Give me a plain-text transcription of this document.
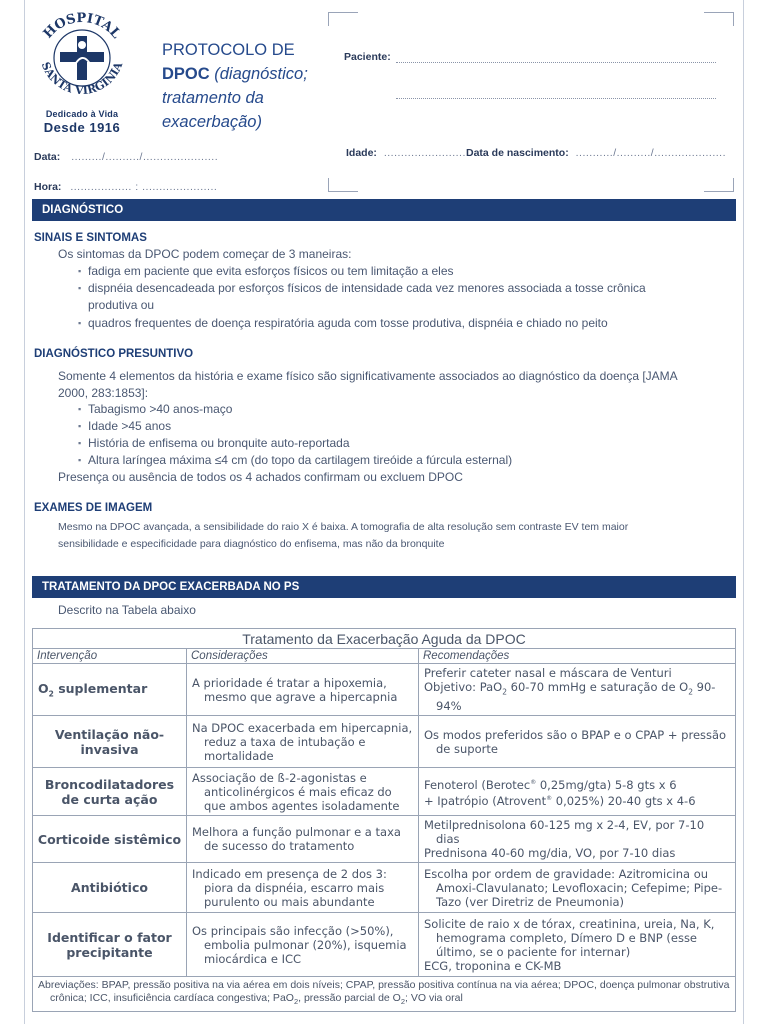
HOSPITAL
SANTA VIRGÍNIA
Dedicado à Vida
Desde 1916
PROTOCOLO DE
DPOC (diagnóstico;
tratamento da
exacerbação)
Data: ........./........../......................
Hora: .................. : ......................
Paciente:
Idade: ........................ Data de nascimento: .........../........../.....................
DIAGNÓSTICO
SINAIS E SINTOMAS
Os sintomas da DPOC podem começar de 3 maneiras:
▪ fadiga em paciente que evita esforços físicos ou tem limitação a eles
▪ dispnéia desencadeada por esforços físicos de intensidade cada vez menores associada a tosse crônica
produtiva ou
▪ quadros frequentes de doença respiratória aguda com tosse produtiva, dispnéia e chiado no peito
DIAGNÓSTICO PRESUNTIVO
Somente 4 elementos da história e exame físico são significativamente associados ao diagnóstico da doença [JAMA
2000, 283:1853]:
▪ Tabagismo >40 anos-maço
▪ Idade >45 anos
▪ História de enfisema ou bronquite auto-reportada
▪ Altura laríngea máxima ≤4 cm (do topo da cartilagem tireóide a fúrcula esternal)
Presença ou ausência de todos os 4 achados confirmam ou excluem DPOC
EXAMES DE IMAGEM
Mesmo na DPOC avançada, a sensibilidade do raio X é baixa. A tomografia de alta resolução sem contraste EV tem maior
sensibilidade e especificidade para diagnóstico do enfisema, mas não da bronquite
TRATAMENTO DA DPOC EXACERBADA NO PS
Descrito na Tabela abaixo
Tratamento da Exacerbação Aguda da DPOC		
Intervenção	Considerações	Recomendações
$O_2$ suplementar	A prioridade é tratar a hipoxemia, mesmo que agrave a hipercapnia	Preferir cateter nasal e máscara de Venturi
Objetivo: PaO$_2$ 60-70 mmHg e saturação de $O_2$ 90-94%

Ventilação não-invasiva	Na DPOC exacerbada em hipercapnia, reduz a taxa de intubação e mortalidade	Os modos preferidos são o BPAP e o CPAP + pressão de suporte

Broncodilatadores de curta ação	Associação de ß-2-agonistas e anticolinérgicos é mais eficaz do que ambos agentes isoladamente	Fenoterol (Berotec® 0,25mg/gta) 5-8 gts x 6
+ Ipatrópio (Atrovent® 0,025%) 20-40 gts x 4-6

Corticoide sistêmico	Melhora a função pulmonar e a taxa de sucesso do tratamento	Metilprednisolona 60-125 mg x 2-4, EV, por 7-10 dias
Prednisona 40-60 mg/dia, VO, por 7-10 dias

Antibiótico	Indicado em presença de 2 dos 3: piora da dispnéia, escarro mais purulento ou mais abundante	Escolha por ordem de gravidade: Azitromicina ou Amoxi-Clavulanato; Levofloxacin; Cefepime; Pipe-Tazo (ver Diretriz de Pneumonia)

Identificar o fator precipitante	Os principais são infecção (>50%), embolia pulmonar (20%), isquemia miocárdica e ICC	Solicite de raio x de tórax, creatinina, ureia, Na, K, hemograma completo, Dímero D e BNP (esse último, se o paciente for internar)
ECG, troponina e CK-MB

Abreviações: BPAP, pressão positiva na via aérea em dois níveis; CPAP, pressão positiva contínua na via aérea; DPOC, doença pulmonar obstrutiva crônica; ICC, insuficiência cardíaca congestiva; PaO$_2$, pressão parcial de $O_2$; VO via oral		
